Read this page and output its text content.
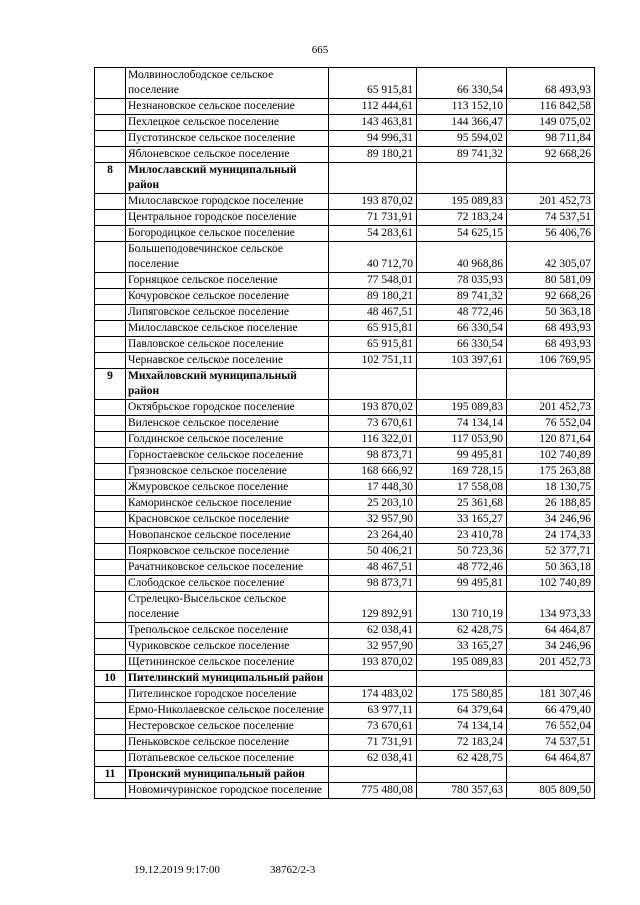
665
	Молвинослободское сельское поселение	65 915,81	66 330,54	68 493,93
	Незнановское сельское поселение	112 444,61	113 152,10	116 842,58
	Пехлецкое сельское поселение	143 463,81	144 366,47	149 075,02
	Пустотинское сельское поселение	94 996,31	95 594,02	98 711,84
	Яблоневское сельское поселение	89 180,21	89 741,32	92 668,26
8	Милославский муниципальный район			
	Милославское городское поселение	193 870,02	195 089,83	201 452,73
	Центральное городское поселение	71 731,91	72 183,24	74 537,51
	Богородицкое сельское поселение	54 283,61	54 625,15	56 406,76
	Большеподовечинское сельское поселение	40 712,70	40 968,86	42 305,07
	Горняцкое сельское поселение	77 548,01	78 035,93	80 581,09
	Кочуровское сельское поселение	89 180,21	89 741,32	92 668,26
	Липяговское сельское поселение	48 467,51	48 772,46	50 363,18
	Милославское сельское поселение	65 915,81	66 330,54	68 493,93
	Павловское сельское поселение	65 915,81	66 330,54	68 493,93
	Чернавское сельское поселение	102 751,11	103 397,61	106 769,95
9	Михайловский муниципальный район			
	Октябрьское городское поселение	193 870,02	195 089,83	201 452,73
	Виленское сельское поселение	73 670,61	74 134,14	76 552,04
	Голдинское сельское поселение	116 322,01	117 053,90	120 871,64
	Горностаевское сельское поселение	98 873,71	99 495,81	102 740,89
	Грязновское сельское поселение	168 666,92	169 728,15	175 263,88
	Жмуровское сельское поселение	17 448,30	17 558,08	18 130,75
	Каморинское сельское поселение	25 203,10	25 361,68	26 188,85
	Красновское сельское поселение	32 957,90	33 165,27	34 246,96
	Новопанское сельское поселение	23 264,40	23 410,78	24 174,33
	Поярковское сельское поселение	50 406,21	50 723,36	52 377,71
	Рачатниковское сельское поселение	48 467,51	48 772,46	50 363,18
	Слободское сельское поселение	98 873,71	99 495,81	102 740,89
	Стрелецко-Высельское сельское поселение	129 892,91	130 710,19	134 973,33
	Трепольское сельское поселение	62 038,41	62 428,75	64 464,87
	Чуриковское сельское поселение	32 957,90	33 165,27	34 246,96
	Щетининское сельское поселение	193 870,02	195 089,83	201 452,73
10	Пителинский муниципальный район			
	Пителинское городское поселение	174 483,02	175 580,85	181 307,46
	Ермо-Николаевское сельское поселение	63 977,11	64 379,64	66 479,40
	Нестеровское сельское поселение	73 670,61	74 134,14	76 552,04
	Пеньковское сельское поселение	71 731,91	72 183,24	74 537,51
	Потапьевское сельское поселение	62 038,41	62 428,75	64 464,87
11	Пронский муниципальный район			
	Новомичуринское городское поселение	775 480,08	780 357,63	805 809,50
19.12.2019 9:17:00	38762/2-3
